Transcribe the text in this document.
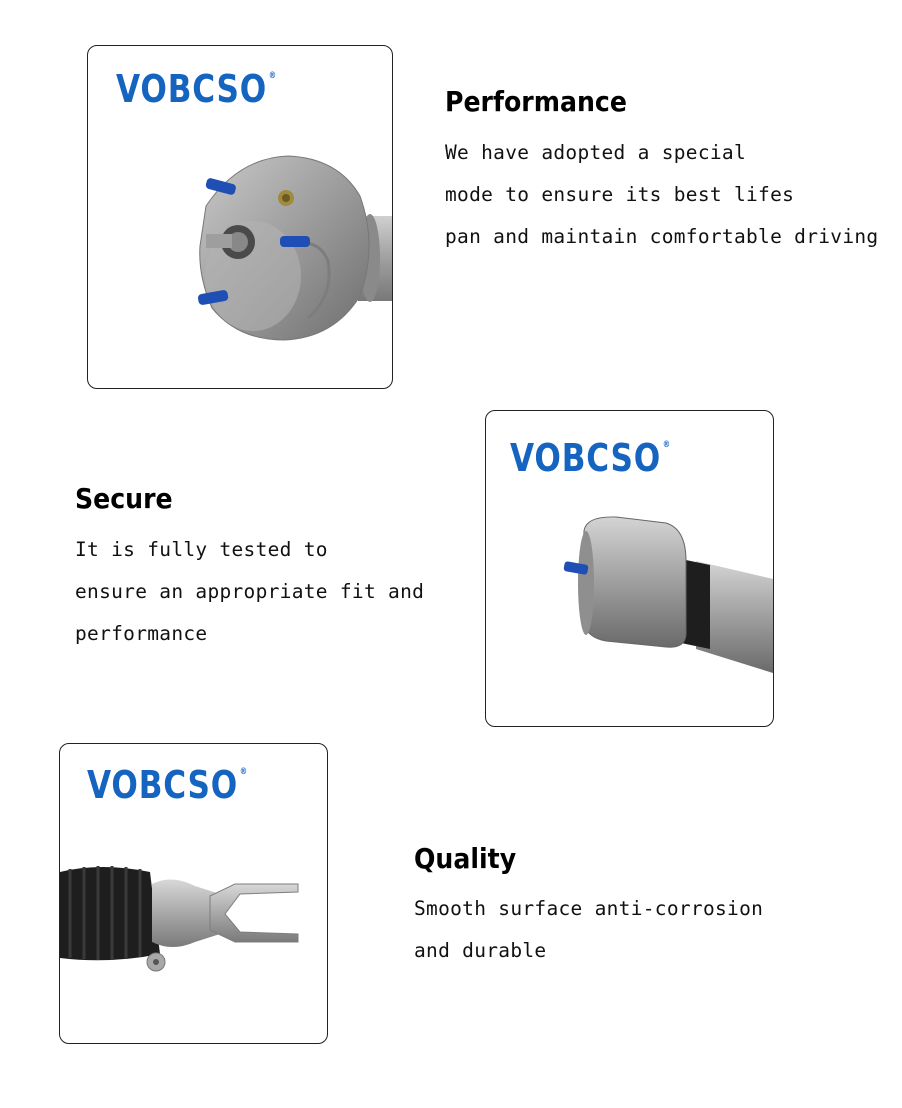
VOBCSO ®
Performance
We have adopted a special
mode to ensure its best lifes
pan and maintain comfortable driving
Secure
It is fully tested to
ensure an appropriate fit and
performance
VOBCSO ®
VOBCSO ®
Quality
Smooth surface anti-corrosion
and durable
